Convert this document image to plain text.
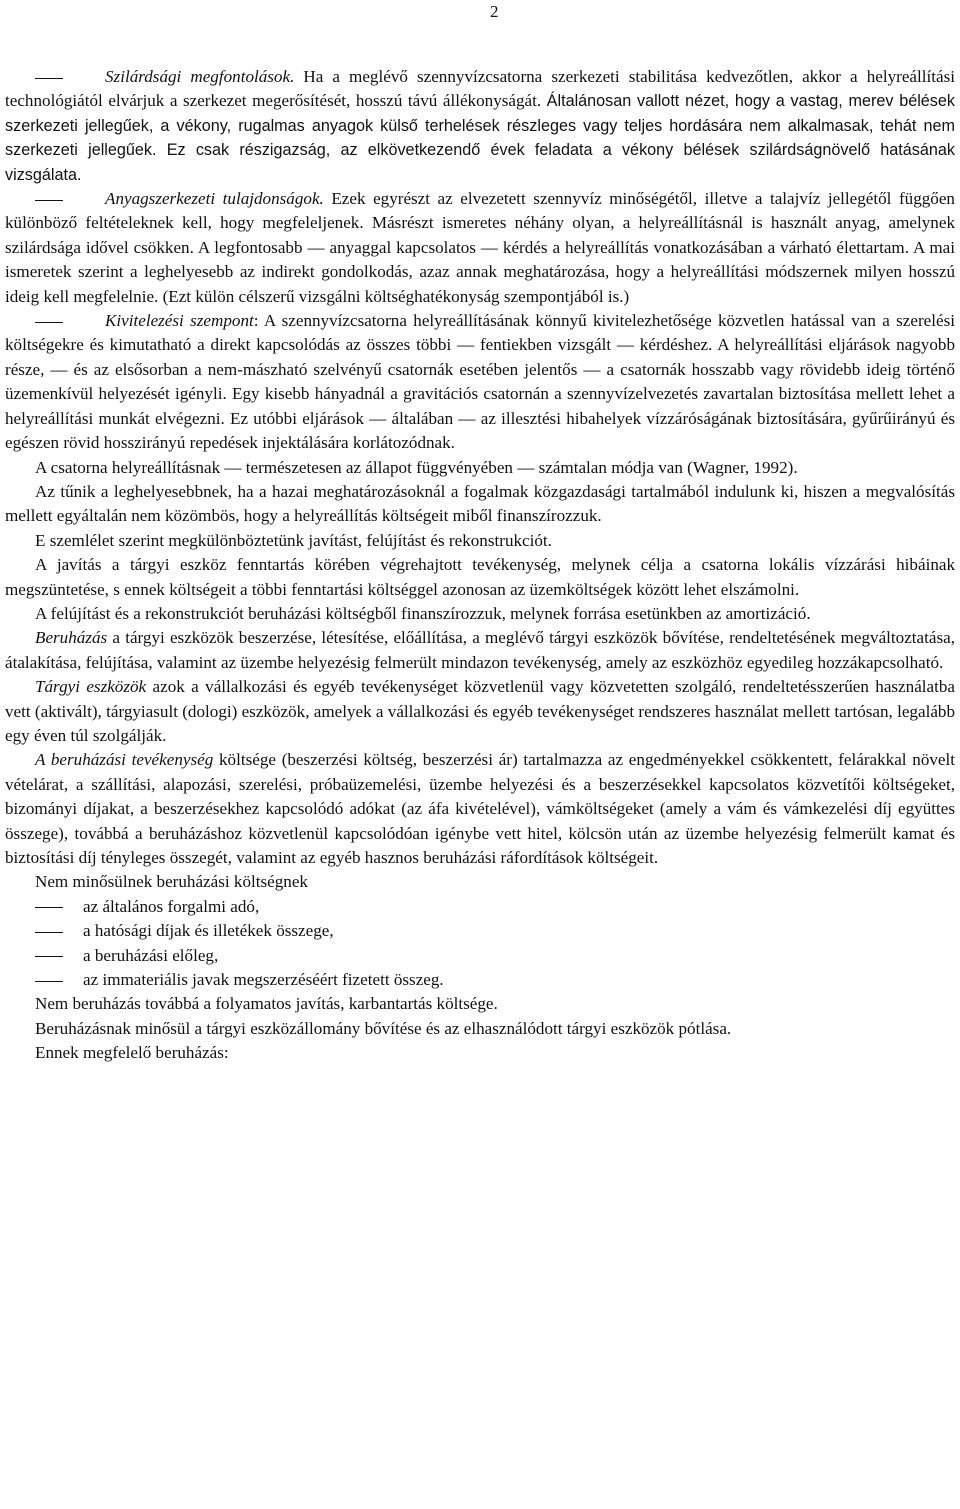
2

Szilárdsági megfontolások. Ha a meglévő szennyvízcsatorna szerkezeti stabilitása kedvezőtlen, akkor a helyreállítási technológiától elvárjuk a szerkezet megerősítését, hosszú távú állékonyságát. Általánosan vallott nézet, hogy a vastag, merev bélések szerkezeti jellegűek, a vékony, rugalmas anyagok külső terhelések részleges vagy teljes hordására nem alkalmasak, tehát nem szerkezeti jellegűek. Ez csak részigazság, az elkövetkezendő évek feladata a vékony bélések szilárdságnövelő hatásának vizsgálata.

Anyagszerkezeti tulajdonságok. Ezek egyrészt az elvezetett szennyvíz minőségétől, illetve a talajvíz jellegétől függően különböző feltételeknek kell, hogy megfeleljenek. Másrészt ismeretes néhány olyan, a helyreállításnál is használt anyag, amelynek szilárdsága idővel csökken. A legfontosabb ― anyaggal kapcsolatos ― kérdés a helyreállítás vonatkozásában a várható élettartam. A mai ismeretek szerint a leghelyesebb az indirekt gondolkodás, azaz annak meghatározása, hogy a helyreállítási módszernek milyen hosszú ideig kell megfelelnie. (Ezt külön célszerű vizsgálni költséghatékonyság szempontjából is.)

Kivitelezési szempont: A szennyvízcsatorna helyreállításának könnyű kivitelezhetősége közvetlen hatással van a szerelési költségekre és kimutatható a direkt kapcsolódás az összes többi ― fentiekben vizsgált ― kérdéshez. A helyreállítási eljárások nagyobb része, ― és az elsősorban a nem-mászható szelvényű csatornák esetében jelentős ― a csatornák hosszabb vagy rövidebb ideig történő üzemenkívül helyezését igényli. Egy kisebb hányadnál a gravitációs csatornán a szennyvízelvezetés zavartalan biztosítása mellett lehet a helyreállítási munkát elvégezni. Ez utóbbi eljárások ― általában ― az illesztési hibahelyek vízzáróságának biztosítására, gyűrűirányú és egészen rövid hosszirányú repedések injektálására korlátozódnak.

A csatorna helyreállításnak ― természetesen az állapot függvényében ― számtalan módja van (Wagner, 1992).

Az tűnik a leghelyesebbnek, ha a hazai meghatározásoknál a fogalmak közgazdasági tartalmából indulunk ki, hiszen a megvalósítás mellett egyáltalán nem közömbös, hogy a helyreállítás költségeit miből finanszírozzuk.

E szemlélet szerint megkülönböztetünk javítást, felújítást és rekonstrukciót.

A javítás a tárgyi eszköz fenntartás körében végrehajtott tevékenység, melynek célja a csatorna lokális vízzárási hibáinak megszüntetése, s ennek költségeit a többi fenntartási költséggel azonosan az üzemköltségek között lehet elszámolni.

A felújítást és a rekonstrukciót beruházási költségből finanszírozzuk, melynek forrása esetünkben az amortizáció.

Beruházás a tárgyi eszközök beszerzése, létesítése, előállítása, a meglévő tárgyi eszközök bővítése, rendeltetésének megváltoztatása, átalakítása, felújítása, valamint az üzembe helyezésig felmerült mindazon tevékenység, amely az eszközhöz egyedileg hozzákapcsolható.

Tárgyi eszközök azok a vállalkozási és egyéb tevékenységet közvetlenül vagy közvetetten szolgáló, rendeltetésszerűen használatba vett (aktivált), tárgyiasult (dologi) eszközök, amelyek a vállalkozási és egyéb tevékenységet rendszeres használat mellett tartósan, legalább egy éven túl szolgálják.

A beruházási tevékenység költsége (beszerzési költség, beszerzési ár) tartalmazza az engedményekkel csökkentett, felárakkal növelt vételárat, a szállítási, alapozási, szerelési, próbaüzemelési, üzembe helyezési és a beszerzésekkel kapcsolatos közvetítői költségeket, bizományi díjakat, a beszerzésekhez kapcsolódó adókat (az áfa kivételével), vámköltségeket (amely a vám és vámkezelési díj együttes összege), továbbá a beruházáshoz közvetlenül kapcsolódóan igénybe vett hitel, kölcsön után az üzembe helyezésig felmerült kamat és biztosítási díj tényleges összegét, valamint az egyéb hasznos beruházási ráfordítások költségeit.

Nem minősülnek beruházási költségnek

az általános forgalmi adó,

a hatósági díjak és illetékek összege,

a beruházási előleg,

az immateriális javak megszerzéséért fizetett összeg.

Nem beruházás továbbá a folyamatos javítás, karbantartás költsége.

Beruházásnak minősül a tárgyi eszközállomány bővítése és az elhasználódott tárgyi eszközök pótlása.

Ennek megfelelő beruházás:
